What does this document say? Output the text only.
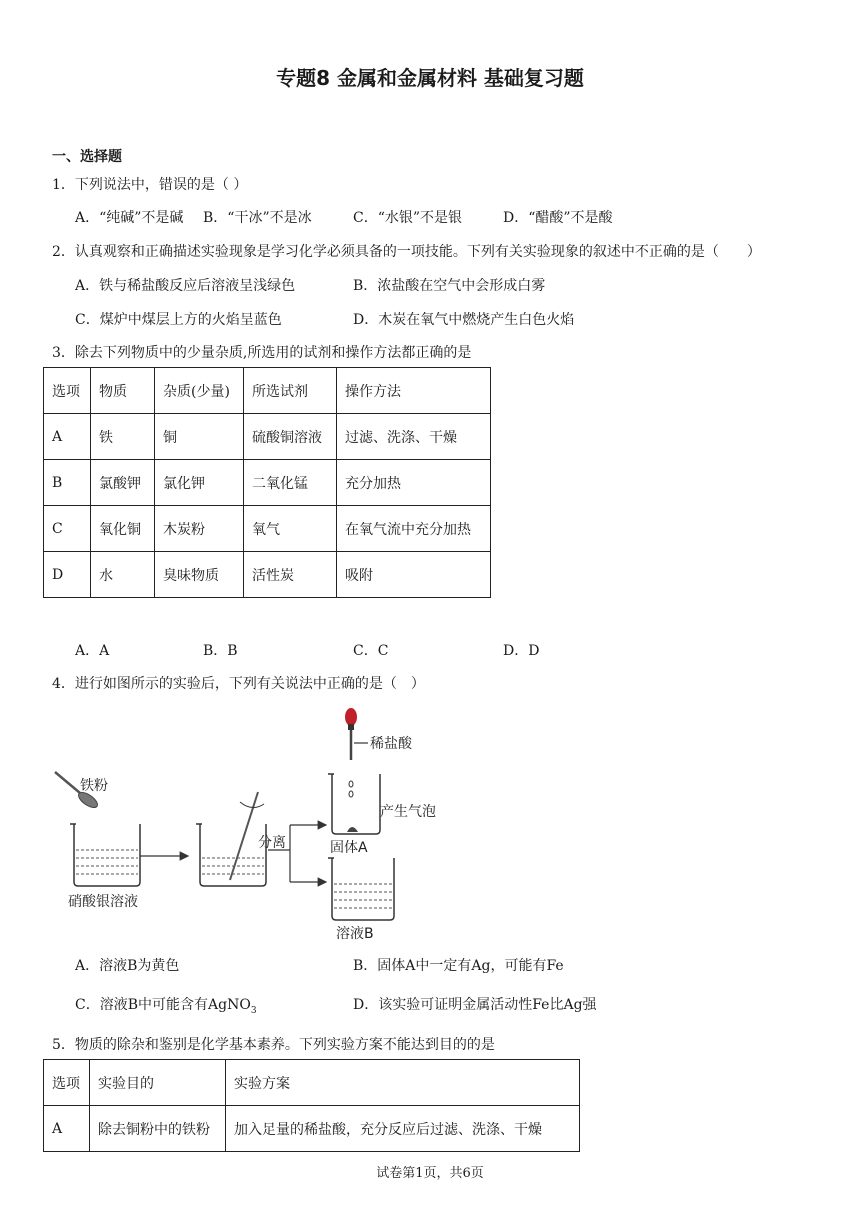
专题8 金属和金属材料 基础复习题
一、选择题
1．下列说法中，错误的是（ ）
A．“纯碱”不是碱 B．“干冰”不是冰	C．“水银”不是银	D．“醋酸”不是酸
2．认真观察和正确描述实验现象是学习化学必须具备的一项技能。下列有关实验现象的叙述中不正确的是（　　）
A．铁与稀盐酸反应后溶液呈浅绿色	B．浓盐酸在空气中会形成白雾
C．煤炉中煤层上方的火焰呈蓝色	D．木炭在氧气中燃烧产生白色火焰
3．除去下列物质中的少量杂质,所选用的试剂和操作方法都正确的是
选项	物质	杂质(少量)	所选试剂	操作方法
A	铁	铜	硫酸铜溶液	过滤、洗涤、干燥
B	氯酸钾	氯化钾	二氧化锰	充分加热
C	氧化铜	木炭粉	氧气	在氧气流中充分加热
D	水	臭味物质	活性炭	吸附
A．A	B．B	C．C	D．D
4．进行如图所示的实验后，下列有关说法中正确的是（　）
铁粉
硝酸银溶液
分离
稀盐酸
产生气泡
固体A
溶液B
A．溶液B为黄色	B．固体A中一定有Ag，可能有Fe
C．溶液B中可能含有AgNO$_3$	D．该实验可证明金属活动性Fe比Ag强
5．物质的除杂和鉴别是化学基本素养。下列实验方案不能达到目的的是
选项	实验目的	实验方案
A	除去铜粉中的铁粉	加入足量的稀盐酸，充分反应后过滤、洗涤、干燥
试卷第1页，共6页
